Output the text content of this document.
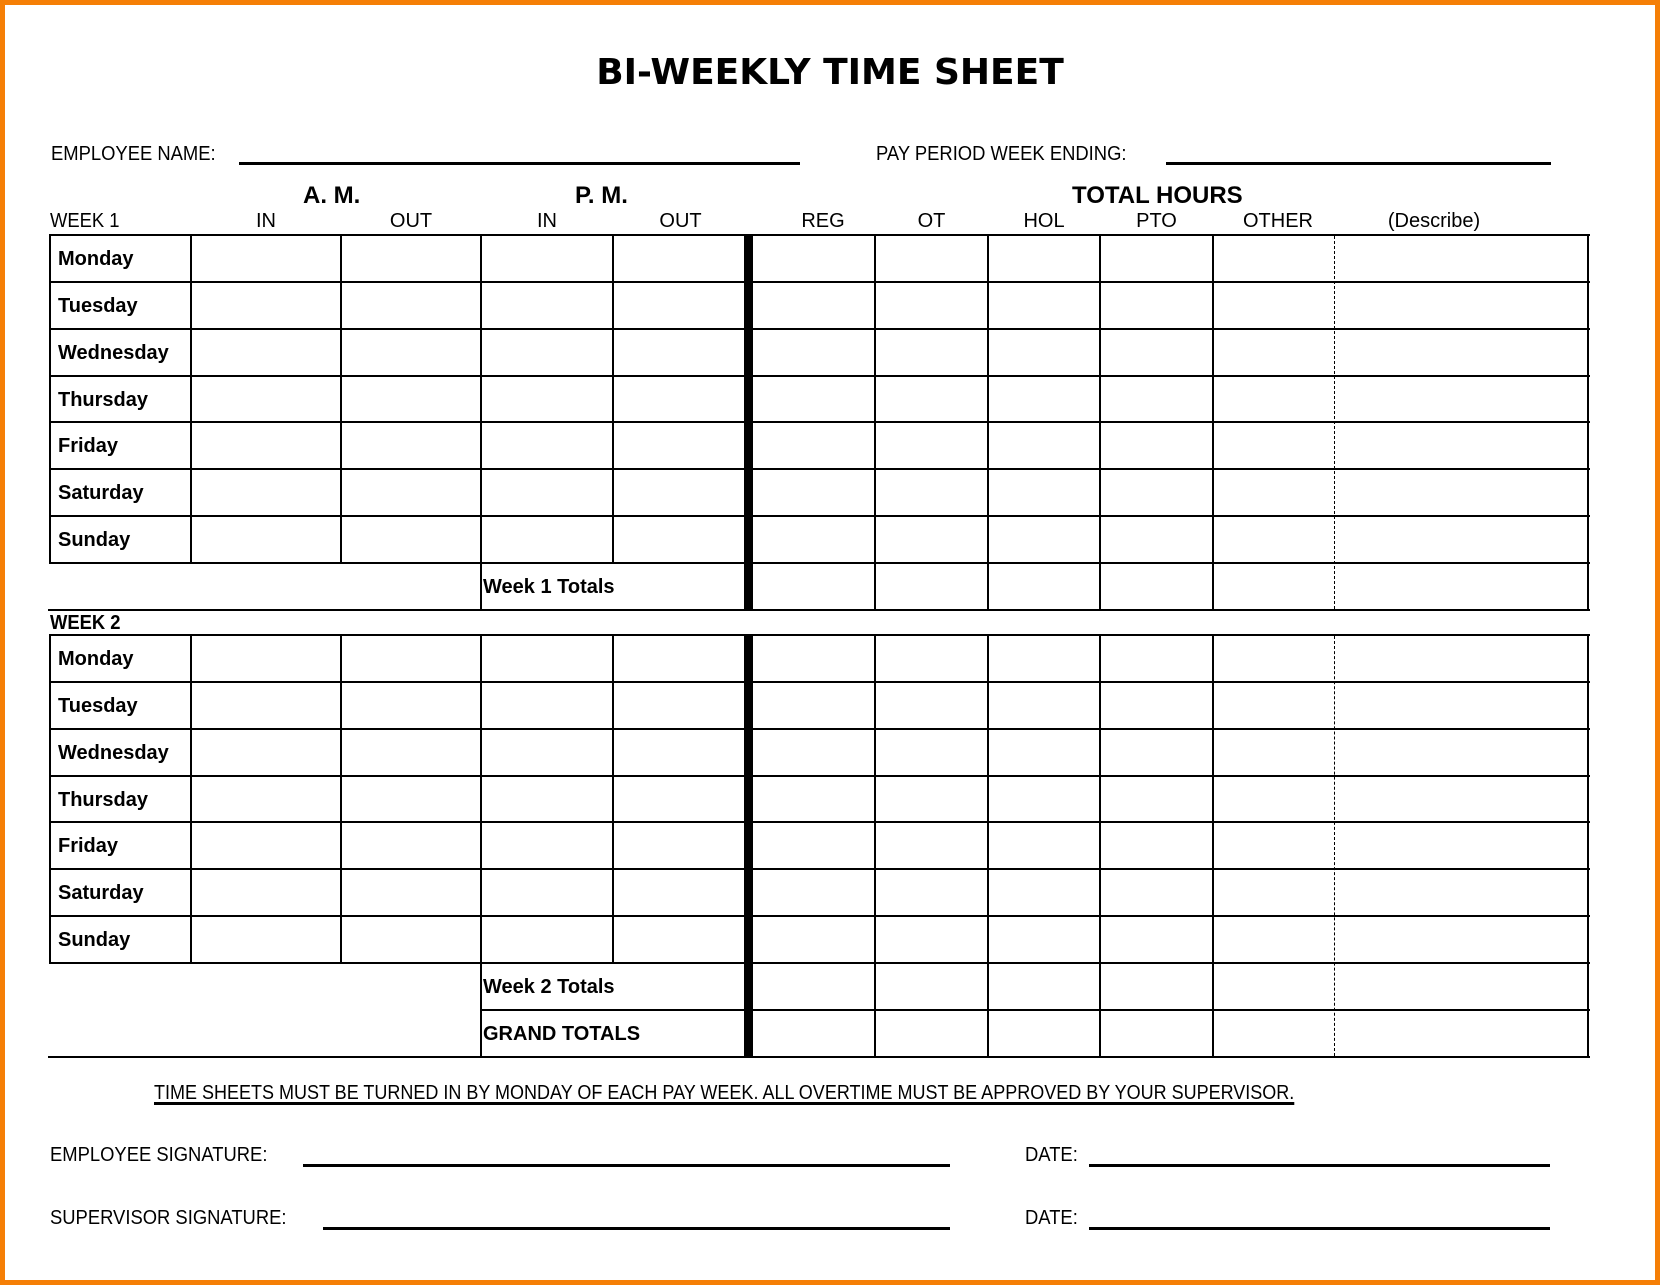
BI-WEEKLY TIME SHEET
EMPLOYEE NAME:	PAY PERIOD WEEK ENDING:
A. M.	P. M.	TOTAL HOURS
WEEK 1	IN	OUT	IN	OUT	REG	OT	HOL	PTO	OTHER	(Describe)
Monday
Tuesday
Wednesday
Thursday
Friday
Saturday
Sunday
Week 1 Totals
WEEK 2
Monday
Tuesday
Wednesday
Thursday
Friday
Saturday
Sunday
Week 2 Totals
GRAND TOTALS
TIME SHEETS MUST BE TURNED IN BY MONDAY OF EACH PAY WEEK. ALL OVERTIME MUST BE APPROVED BY YOUR SUPERVISOR.
EMPLOYEE SIGNATURE:	DATE:
SUPERVISOR SIGNATURE:	DATE:
